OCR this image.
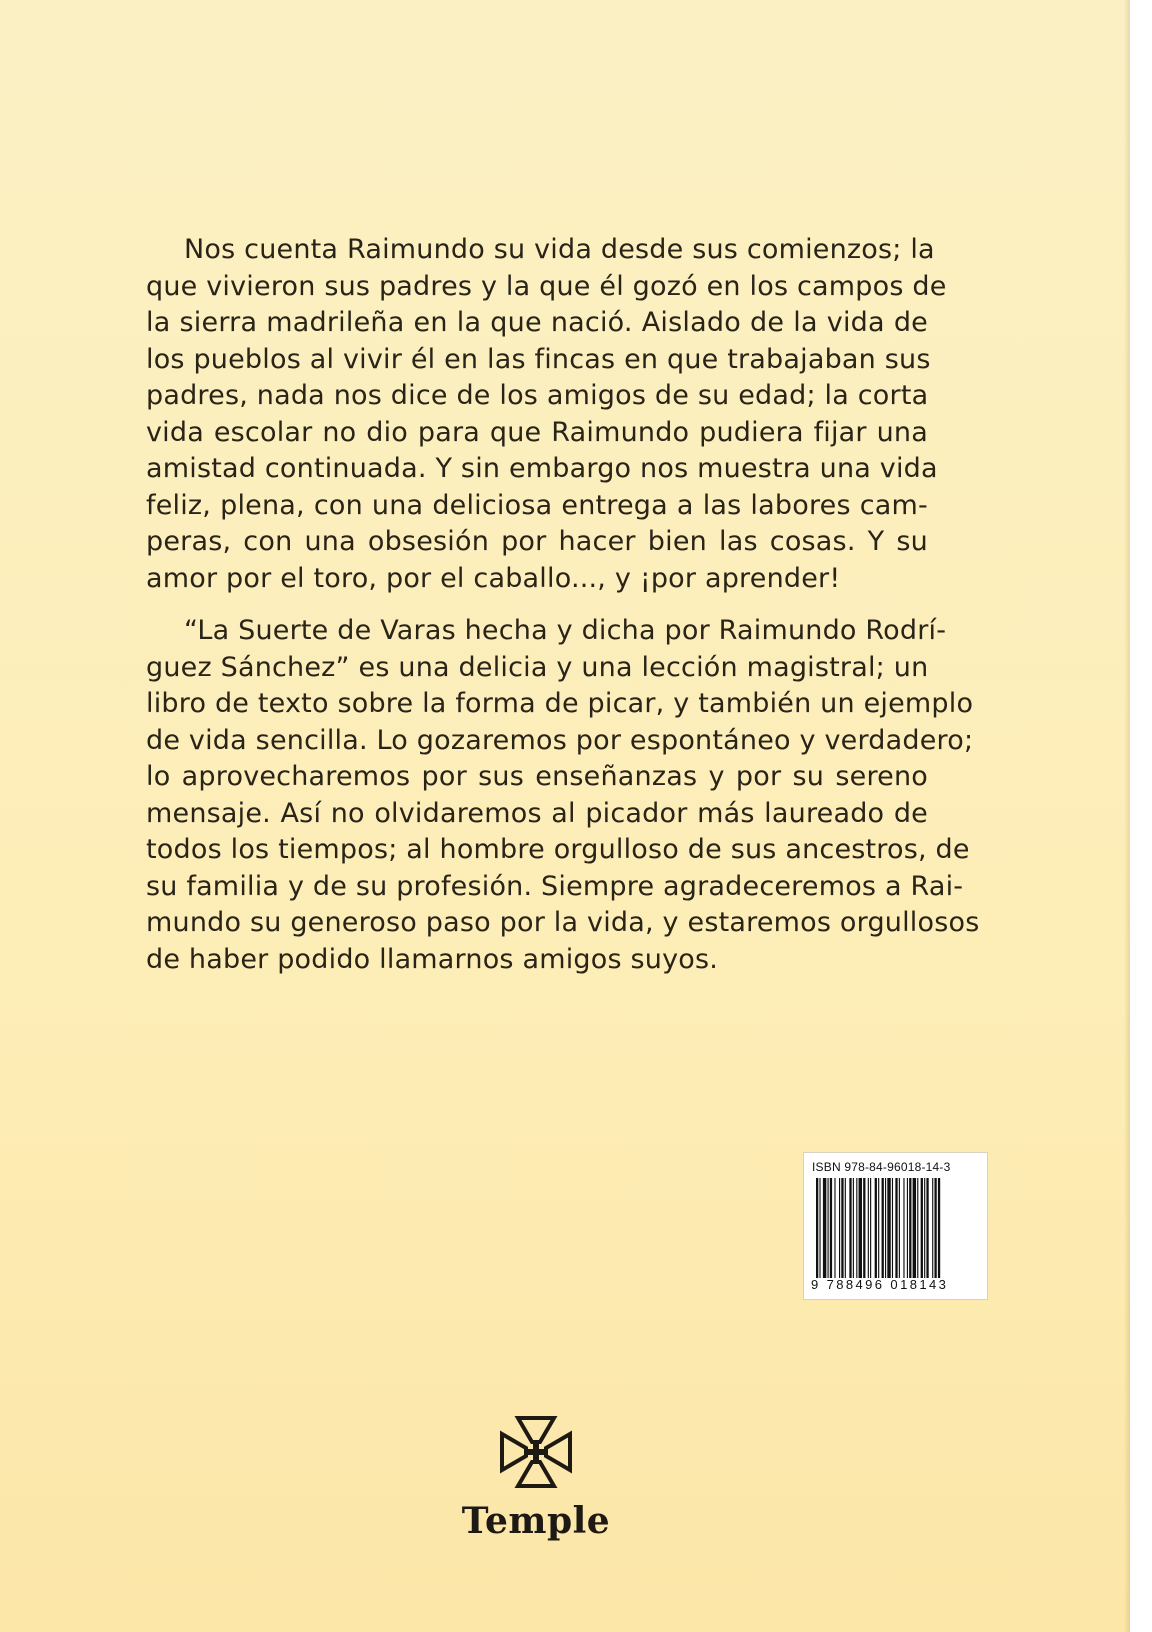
Nos cuenta Raimundo su vida desde sus comienzos; la
que vivieron sus padres y la que él gozó en los campos de
la sierra madrileña en la que nació. Aislado de la vida de
los pueblos al vivir él en las fincas en que trabajaban sus
padres, nada nos dice de los amigos de su edad; la corta
vida escolar no dio para que Raimundo pudiera fijar una
amistad continuada. Y sin embargo nos muestra una vida
feliz, plena, con una deliciosa entrega a las labores cam-
peras, con una obsesión por hacer bien las cosas. Y su
amor por el toro, por el caballo..., y ¡por aprender!
“La Suerte de Varas hecha y dicha por Raimundo Rodrí-
guez Sánchez” es una delicia y una lección magistral; un
libro de texto sobre la forma de picar, y también un ejemplo
de vida sencilla. Lo gozaremos por espontáneo y verdadero;
lo aprovecharemos por sus enseñanzas y por su sereno
mensaje. Así no olvidaremos al picador más laureado de
todos los tiempos; al hombre orgulloso de sus ancestros, de
su familia y de su profesión. Siempre agradeceremos a Rai-
mundo su generoso paso por la vida, y estaremos orgullosos
de haber podido llamarnos amigos suyos.
ISBN 978-84-96018-14-3
9 788496 018143
Temple
